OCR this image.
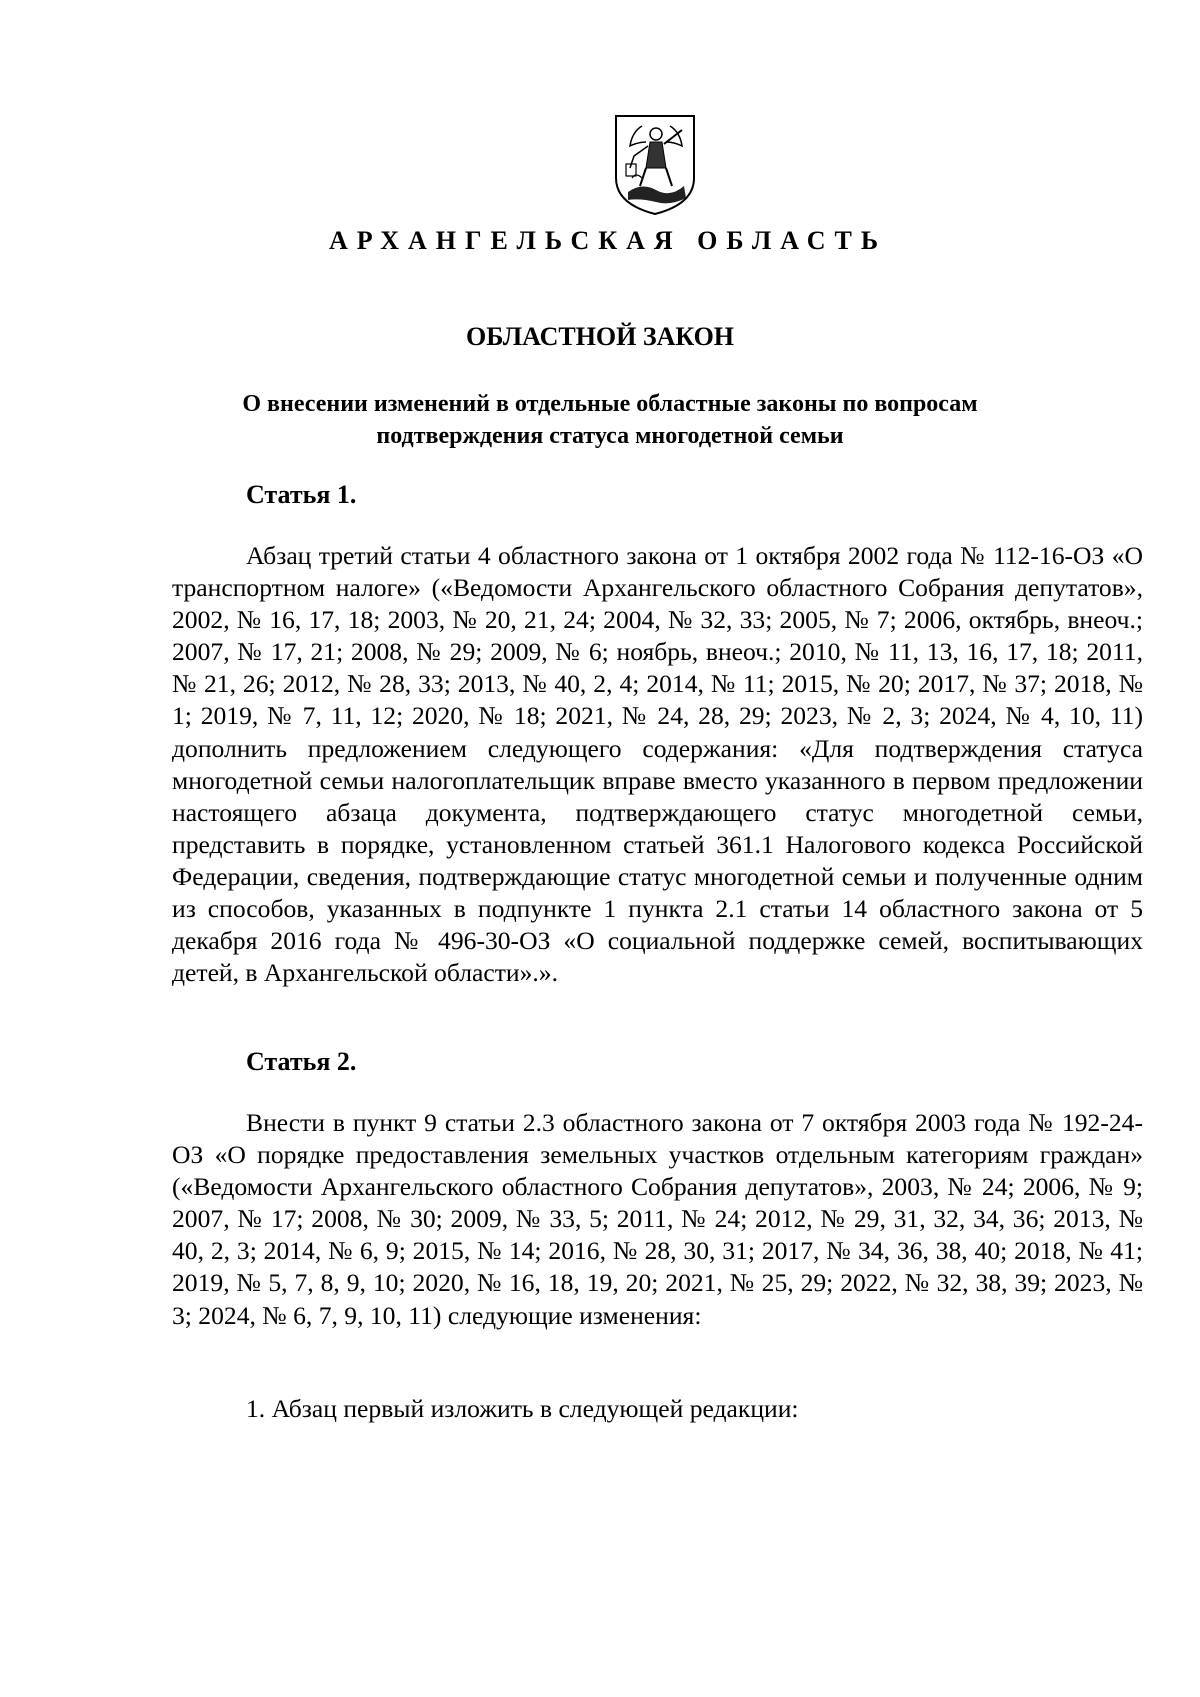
АРХАНГЕЛЬСКАЯ ОБЛАСТЬ
ОБЛАСТНОЙ ЗАКОН
О внесении изменений в отдельные областные законы по вопросам
подтверждения статуса многодетной семьи
Статья 1.
Абзац третий статьи 4 областного закона от 1 октября 2002 года № 112-16-ОЗ «О транспортном налоге» («Ведомости Архангельского областного Собрания депутатов», 2002, № 16, 17, 18; 2003, № 20, 21, 24; 2004, № 32, 33; 2005, № 7; 2006, октябрь, внеоч.; 2007, № 17, 21; 2008, № 29; 2009, № 6; ноябрь, внеоч.; 2010, № 11, 13, 16, 17, 18; 2011, № 21, 26; 2012, № 28, 33; 2013, № 40, 2, 4; 2014, № 11; 2015, № 20; 2017, № 37; 2018, № 1; 2019, № 7, 11, 12; 2020, № 18; 2021, № 24, 28, 29; 2023, № 2, 3; 2024, № 4, 10, 11) дополнить предложением следующего содержания: «Для подтверждения статуса многодетной семьи налогоплательщик вправе вместо указанного в первом предложении настоящего абзаца документа, подтверждающего статус многодетной семьи, представить в порядке, установленном статьей 361.1 Налогового кодекса Российской Федерации, сведения, подтверждающие статус многодетной семьи и полученные одним из способов, указанных в подпункте 1 пункта 2.1 статьи 14 областного закона от 5 декабря 2016 года № 496-30-ОЗ «О социальной поддержке семей, воспитывающих детей, в Архангельской области».».
Статья 2.
Внести в пункт 9 статьи 2.3 областного закона от 7 октября 2003 года № 192-24-ОЗ «О порядке предоставления земельных участков отдельным категориям граждан» («Ведомости Архангельского областного Собрания депутатов», 2003, № 24; 2006, № 9; 2007, № 17; 2008, № 30; 2009, № 33, 5; 2011, № 24; 2012, № 29, 31, 32, 34, 36; 2013, № 40, 2, 3; 2014, № 6, 9; 2015, № 14; 2016, № 28, 30, 31; 2017, № 34, 36, 38, 40; 2018, № 41; 2019, № 5, 7, 8, 9, 10; 2020, № 16, 18, 19, 20; 2021, № 25, 29; 2022, № 32, 38, 39; 2023, № 3; 2024, № 6, 7, 9, 10, 11) следующие изменения:
1. Абзац первый изложить в следующей редакции:
